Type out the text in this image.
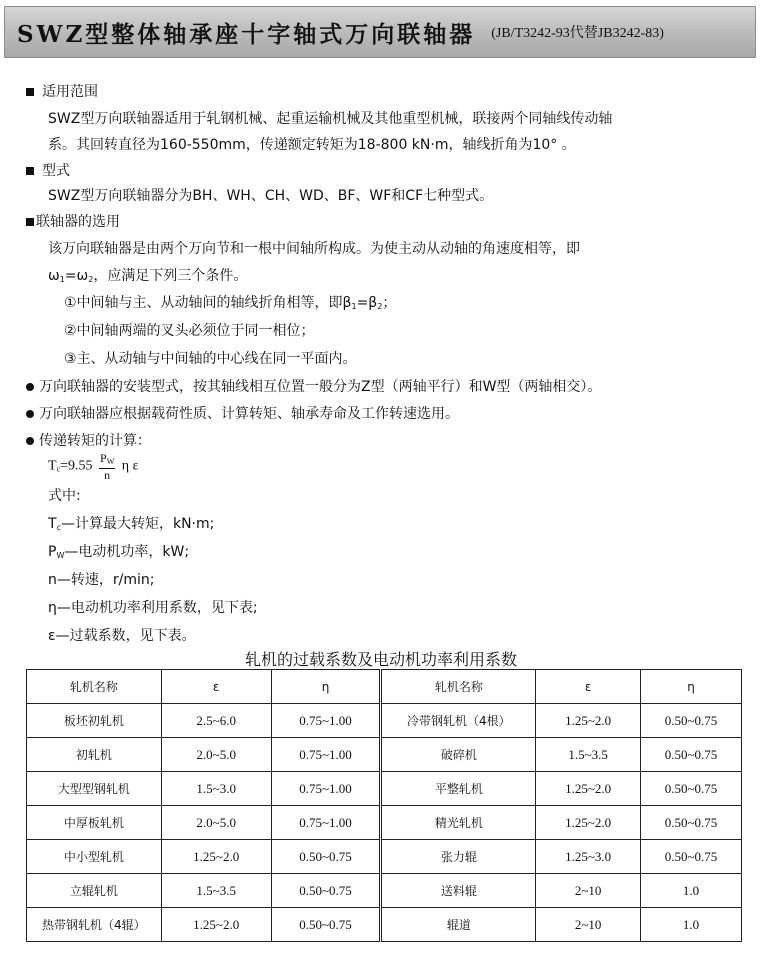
SWZ型整体轴承座十字轴式万向联轴器 (JB/T3242-93代替JB3242-83)
适用范围
SWZ型万向联轴器适用于轧钢机械、起重运输机械及其他重型机械，联接两个同轴线传动轴
系。其回转直径为160-550mm，传递额定转矩为18-800 kN·m，轴线折角为10° 。
型式
SWZ型万向联轴器分为BH、WH、CH、WD、BF、WF和CF七种型式。
联轴器的选用
该万向联轴器是由两个万向节和一根中间轴所构成。为使主动从动轴的角速度相等，即
$\omega_1=\omega_2$，应满足下列三个条件。
①中间轴与主、从动轴间的轴线折角相等，即$\beta_1=\beta_2$；
②中间轴两端的叉头必须位于同一相位；
③主、从动轴与中间轴的中心线在同一平面内。
万向联轴器的安装型式，按其轴线相互位置一般分为Z型（两轴平行）和W型（两轴相交）。
万向联轴器应根据载荷性质、计算转矩、轴承寿命及工作转速选用。
传递转矩的计算：
$T_c=9.55 \frac{P_W}{n}$ η ε
式中:
$T_c—$计算最大转矩，kN·m;
$P_W—$电动机功率，kW;
n—转速，r/min;
η—电动机功率利用系数，见下表;
ε—过载系数，见下表。
轧机的过载系数及电动机功率利用系数
轧机名称	ε	η	轧机名称	ε	η
板坯初轧机	2.5~6.0	0.75~1.00	冷带钢轧机（4根）	1.25~2.0	0.50~0.75
初轧机	2.0~5.0	0.75~1.00	破碎机	1.5~3.5	0.50~0.75
大型型钢轧机	1.5~3.0	0.75~1.00	平整轧机	1.25~2.0	0.50~0.75
中厚板轧机	2.0~5.0	0.75~1.00	精光轧机	1.25~2.0	0.50~0.75
中小型轧机	1.25~2.0	0.50~0.75	张力辊	1.25~3.0	0.50~0.75
立辊轧机	1.5~3.5	0.50~0.75	送料辊	2~10	1.0
热带钢轧机（4辊）	1.25~2.0	0.50~0.75	辊道	2~10	1.0
